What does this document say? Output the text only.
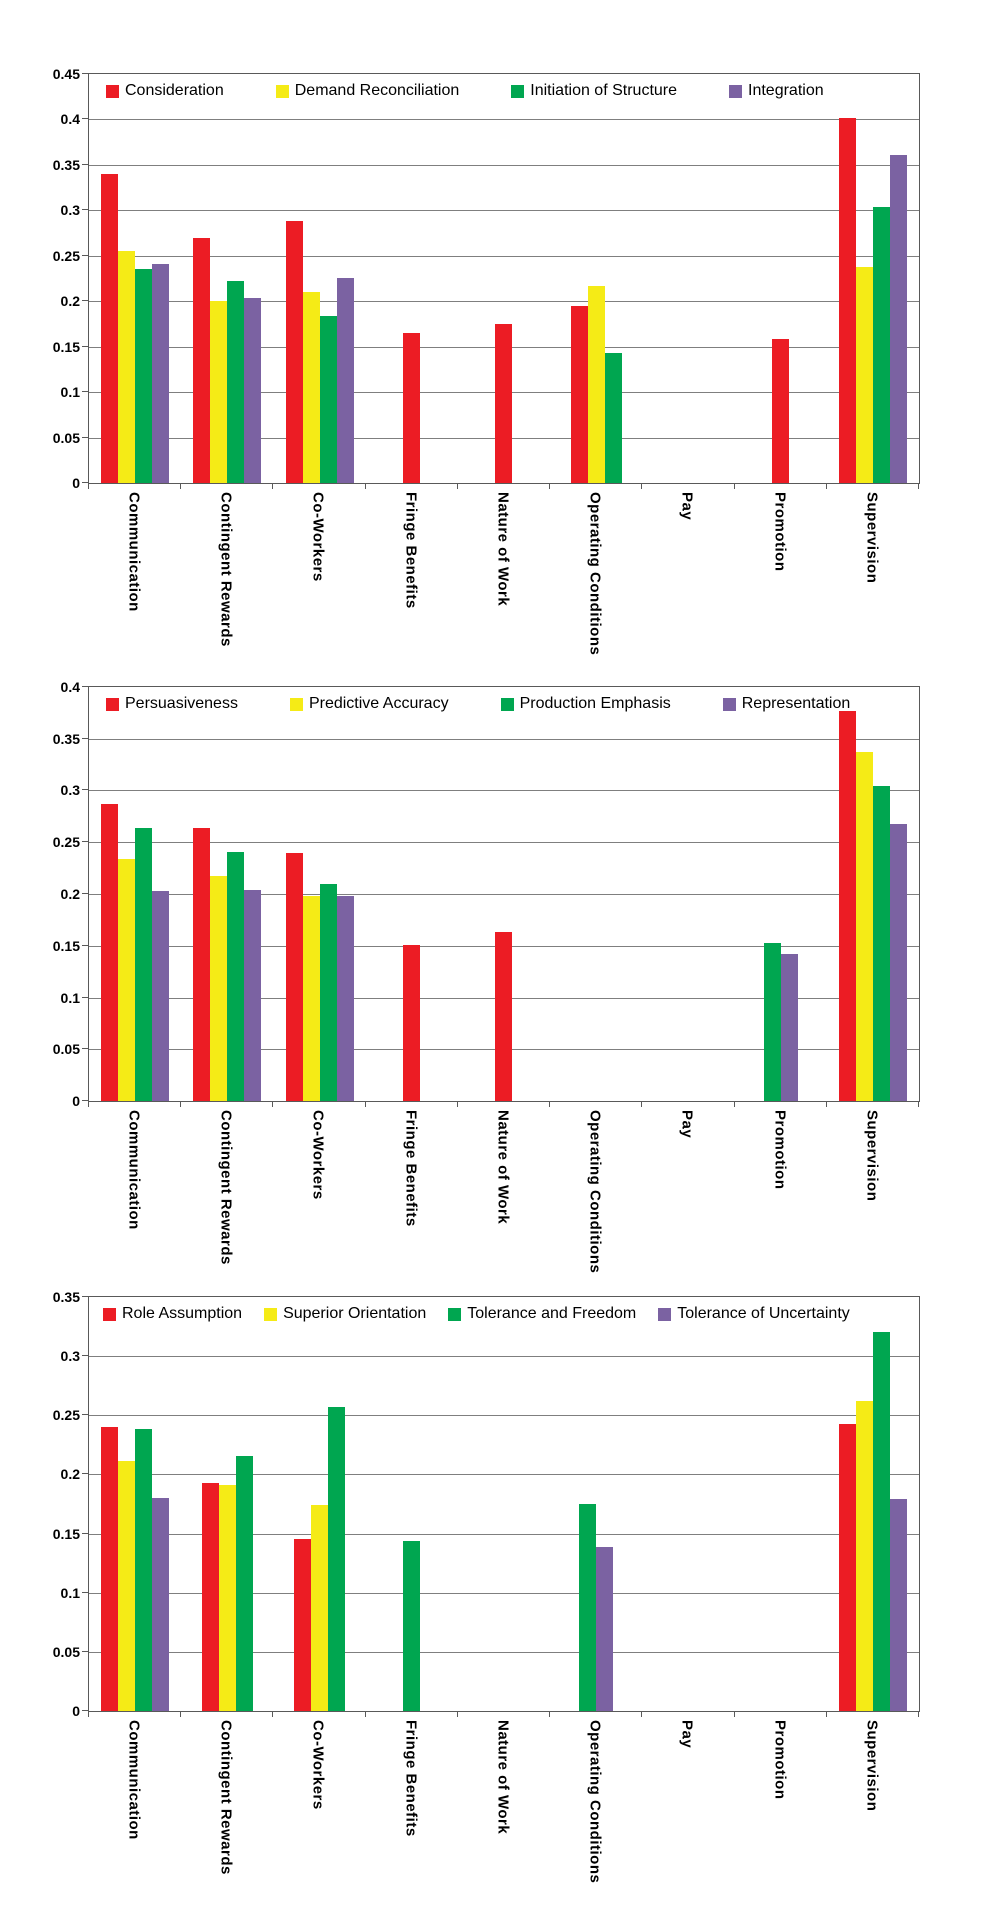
Consideration	Demand Reconciliation	Initiation of Structure	Integration
Persuasiveness	Predictive Accuracy	Production Emphasis	Representation
Role Assumption	Superior Orientation	Tolerance and Freedom	Tolerance of Uncertainty
0.45
0.4
0.35
0.3
0.25
0.2
0.15
0.1
0.05
0
Communication	Contingent Rewards	Co-Workers	Fringe Benefits	Nature of Work	Operating Conditions	Pay	Promotion	Supervision
0.4
0.35
0.3
0.25
0.2
0.15
0.1
0.05
0
Communication	Contingent Rewards	Co-Workers	Fringe Benefits	Nature of Work	Operating Conditions	Pay	Promotion	Supervision
0.35
0.3
0.25
0.2
0.15
0.1
0.05
0
Communication	Contingent Rewards	Co-Workers	Fringe Benefits	Nature of Work	Operating Conditions	Pay	Promotion	Supervision
